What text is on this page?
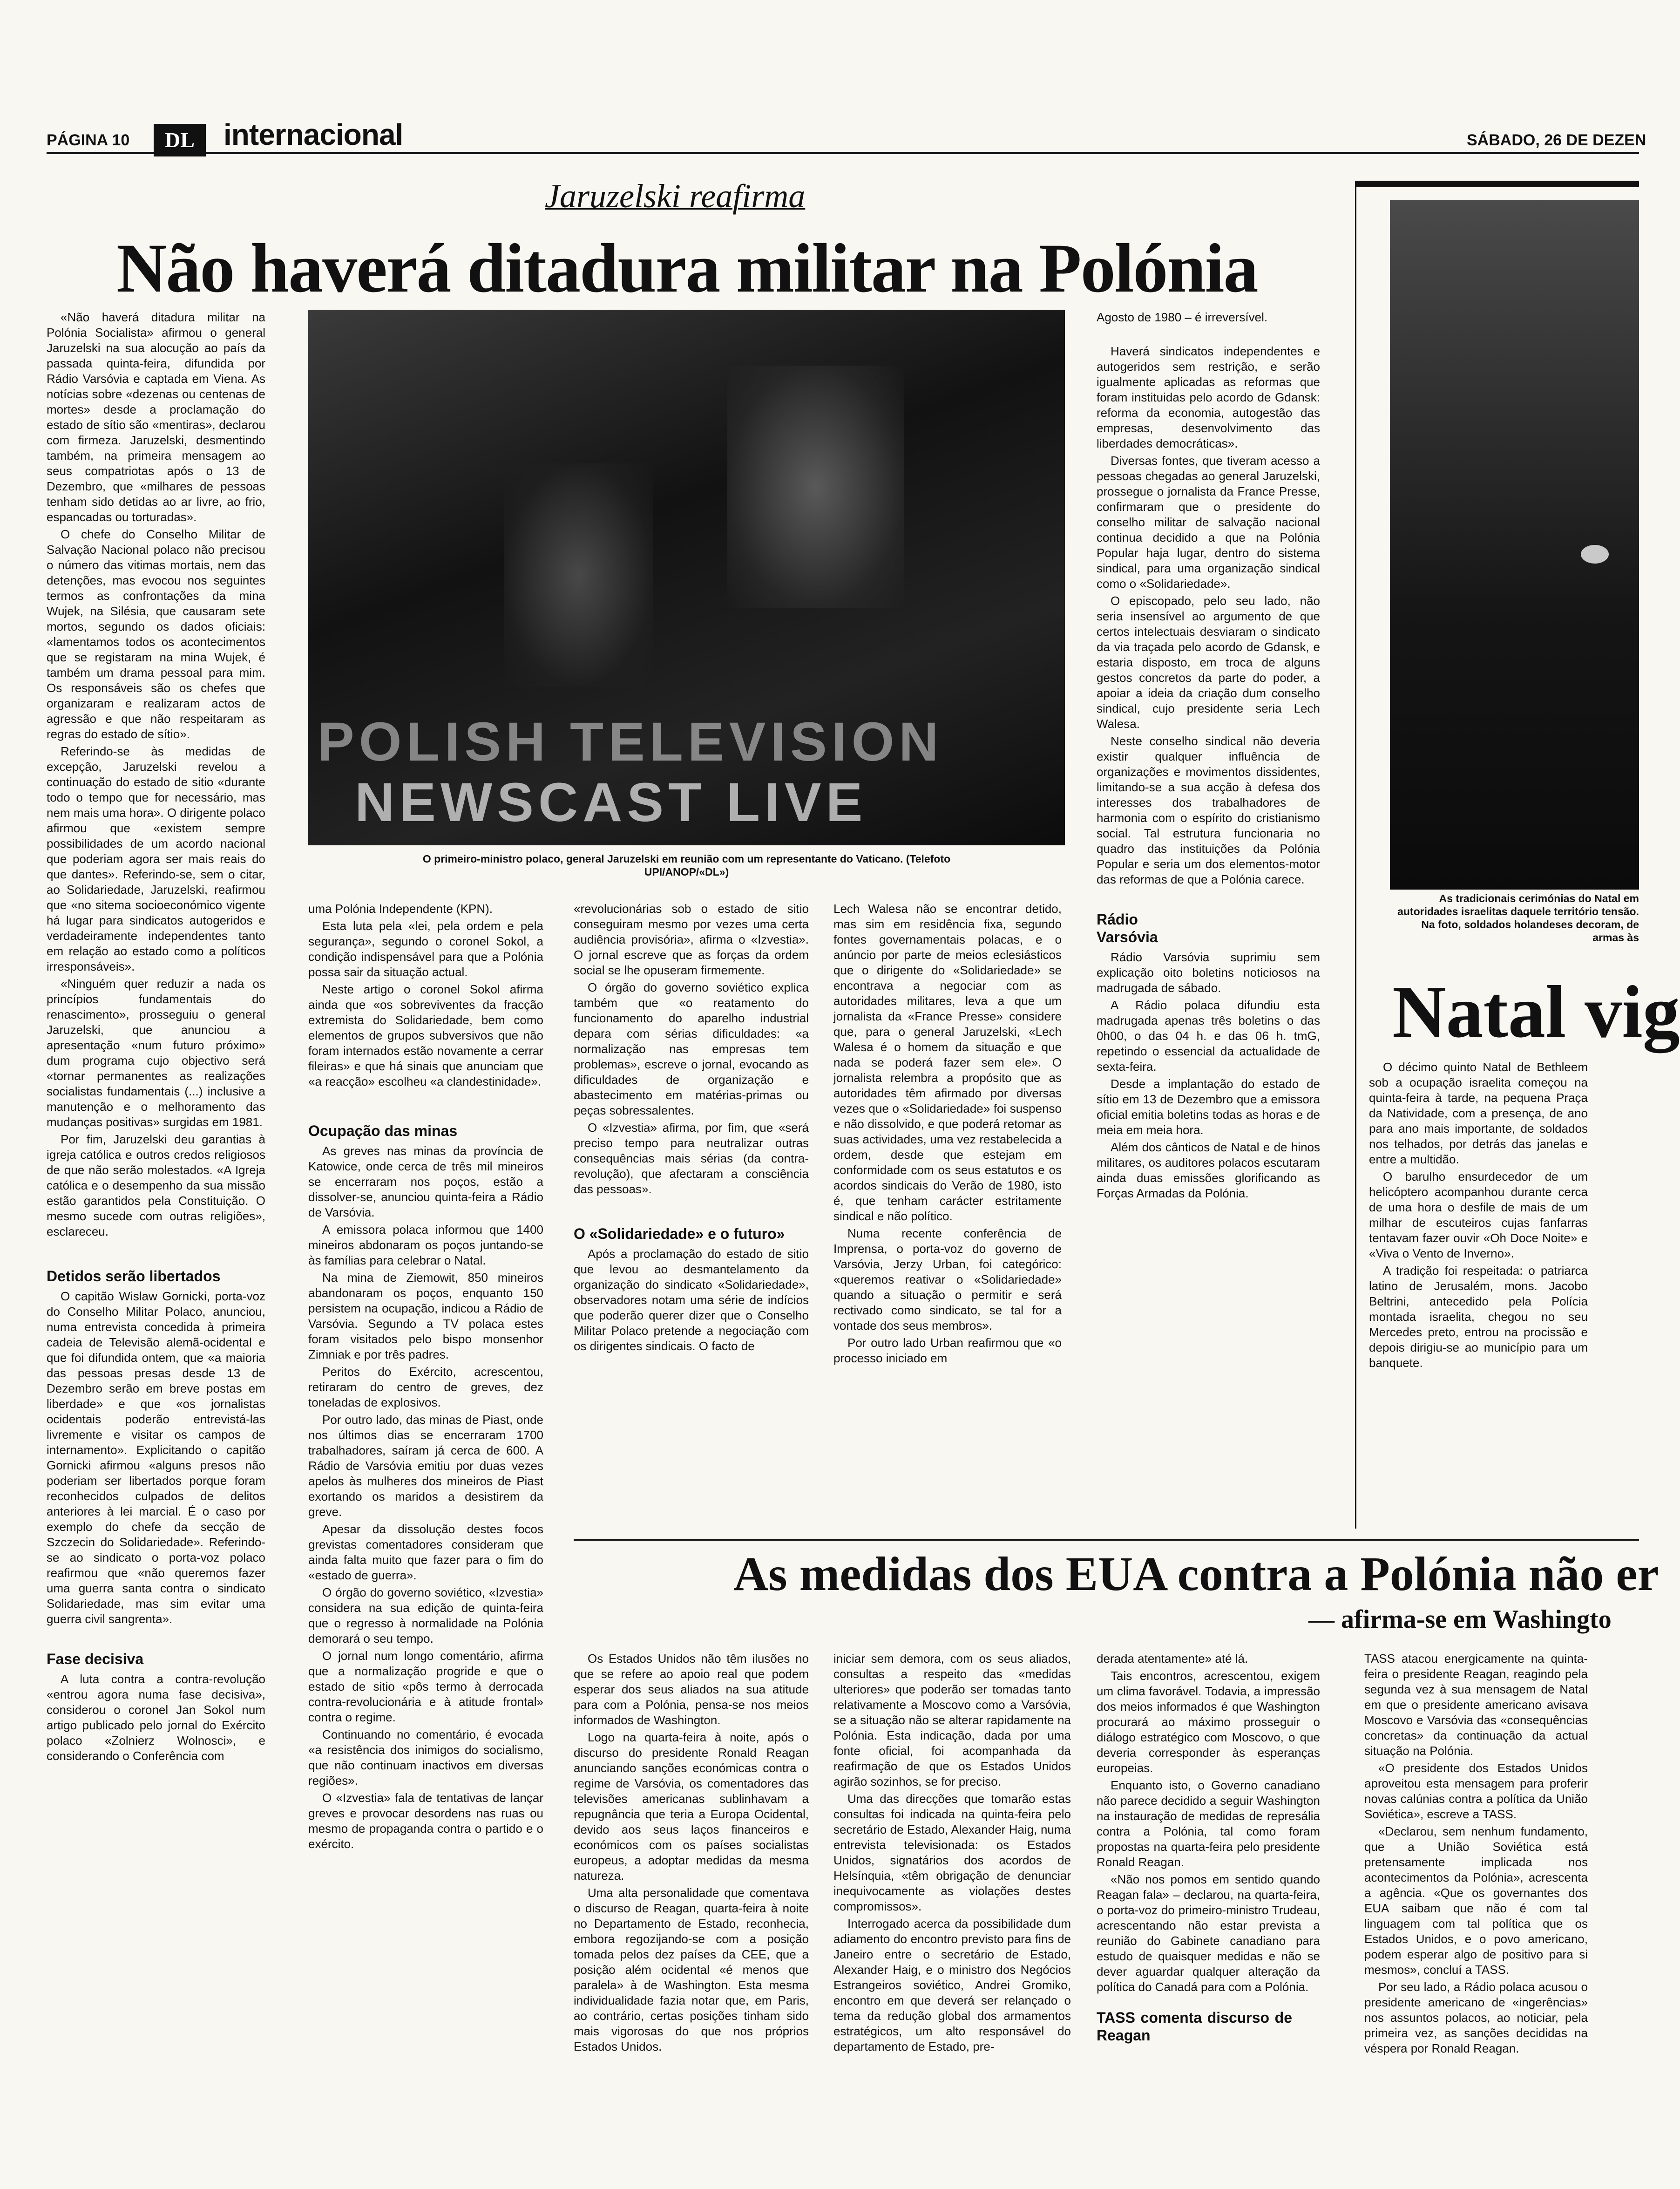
PÁGINA 10	DL internacional	SÁBADO, 26 DE DEZEN
Jaruzelski reafirma
Não haverá ditadura militar na Polónia
POLISH TELEVISION
NEWSCAST LIVE
O primeiro-ministro polaco, general Jaruzelski em reunião com um representante do Vaticano. (Telefoto
UPI/ANOP/«DL»)

«Não haverá ditadura militar na Polónia Socialista» afirmou o general Jaruzelski na sua alocução ao país da passada quinta-feira, difundida por Rádio Varsóvia e captada em Viena. As notícias sobre «dezenas ou centenas de mortes» desde a proclamação do estado de sítio são «mentiras», declarou com firmeza. Jaruzelski, desmentindo também, na primeira mensagem ao seus compatriotas após o 13 de Dezembro, que «milhares de pessoas tenham sido detidas ao ar livre, ao frio, espancadas ou torturadas».

O chefe do Conselho Militar de Salvação Nacional polaco não precisou o número das vitimas mortais, nem das detenções, mas evocou nos seguintes termos as confrontações da mina Wujek, na Silésia, que causaram sete mortos, segundo os dados oficiais: «lamentamos todos os acontecimentos que se registaram na mina Wujek, é também um drama pessoal para mim. Os responsáveis são os chefes que organizaram e realizaram actos de agressão e que não respeitaram as regras do estado de sítio».

Referindo-se às medidas de excepção, Jaruzelski revelou a continuação do estado de sitio «durante todo o tempo que for necessário, mas nem mais uma hora». O dirigente polaco afirmou que «existem sempre possibilidades de um acordo nacional que poderiam agora ser mais reais do que dantes». Referindo-se, sem o citar, ao Solidariedade, Jaruzelski, reafirmou que «no sitema socioeconómico vigente há lugar para sindicatos autogeridos e verdadeiramente independentes tanto em relação ao estado como a políticos irresponsáveis».

«Ninguém quer reduzir a nada os princípios fundamentais do renascimento», prosseguiu o general Jaruzelski, que anunciou a apresentação «num futuro próximo» dum programa cujo objectivo será «tornar permanentes as realizações socialistas fundamentais (...) inclusive a manutenção e o melhoramento das mudanças positivas» surgidas em 1981.

Por fim, Jaruzelski deu garantias à igreja católica e outros credos religiosos de que não serão molestados. «A Igreja católica e o desempenho da sua missão estão garantidos pela Constituição. O mesmo sucede com outras religiões», esclareceu.

Detidos serão libertados

O capitão Wislaw Gornicki, porta-voz do Conselho Militar Polaco, anunciou, numa entrevista concedida à primeira cadeia de Televisão alemã-ocidental e que foi difundida ontem, que «a maioria das pessoas presas desde 13 de Dezembro serão em breve postas em liberdade» e que «os jornalistas ocidentais poderão entrevistá-las livremente e visitar os campos de internamento». Explicitando o capitão Gornicki afirmou «alguns presos não poderiam ser libertados porque foram reconhecidos culpados de delitos anteriores à lei marcial. É o caso por exemplo do chefe da secção de Szczecin do Solidariedade». Referindo-se ao sindicato o porta-voz polaco reafirmou que «não queremos fazer uma guerra santa contra o sindicato Solidariedade, mas sim evitar uma guerra civil sangrenta».

Fase decisiva

A luta contra a contra-revolução «entrou agora numa fase decisiva», considerou o coronel Jan Sokol num artigo publicado pelo jornal do Exército polaco «Zolnierz Wolnosci», e considerando o Conferência com

uma Polónia Independente (KPN).

Esta luta pela «lei, pela ordem e pela segurança», segundo o coronel Sokol, a condição indispensável para que a Polónia possa sair da situação actual.

Neste artigo o coronel Sokol afirma ainda que «os sobreviventes da fracção extremista do Solidariedade, bem como elementos de grupos subversivos que não foram internados estão novamente a cerrar fileiras» e que há sinais que anunciam que «a reacção» escolheu «a clandestinidade».

Ocupação das minas

As greves nas minas da província de Katowice, onde cerca de três mil mineiros se encerraram nos poços, estão a dissolver-se, anunciou quinta-feira a Rádio de Varsóvia.

A emissora polaca informou que 1400 mineiros abdonaram os poços juntando-se às famílias para celebrar o Natal.

Na mina de Ziemowit, 850 mineiros abandonaram os poços, enquanto 150 persistem na ocupação, indicou a Rádio de Varsóvia. Segundo a TV polaca estes foram visitados pelo bispo monsenhor Zimniak e por três padres.

Peritos do Exército, acrescentou, retiraram do centro de greves, dez toneladas de explosivos.

Por outro lado, das minas de Piast, onde nos últimos dias se encerraram 1700 trabalhadores, saíram já cerca de 600. A Rádio de Varsóvia emitiu por duas vezes apelos às mulheres dos mineiros de Piast exortando os maridos a desistirem da greve.

Apesar da dissolução destes focos grevistas comentadores consideram que ainda falta muito que fazer para o fim do «estado de guerra».

O órgão do governo soviético, «Izvestia» considera na sua edição de quinta-feira que o regresso à normalidade na Polónia demorará o seu tempo.

O jornal num longo comentário, afirma que a normalização progride e que o estado de sitio «pôs termo à derrocada contra-revolucionária e à atitude frontal» contra o regime.

Continuando no comentário, é evocada «a resistência dos inimigos do socialismo, que não continuam inactivos em diversas regiões».

O «Izvestia» fala de tentativas de lançar greves e provocar desordens nas ruas ou mesmo de propaganda contra o partido e o exército.

«revolucionárias sob o estado de sitio conseguiram mesmo por vezes uma certa audiência provisória», afirma o «Izvestia». O jornal escreve que as forças da ordem social se lhe opuseram firmemente.

O órgão do governo soviético explica também que «o reatamento do funcionamento do aparelho industrial depara com sérias dificuldades: «a normalização nas empresas tem problemas», escreve o jornal, evocando as dificuldades de organização e abastecimento em matérias-primas ou peças sobressalentes.

O «Izvestia» afirma, por fim, que «será preciso tempo para neutralizar outras consequências mais sérias (da contra-revolução), que afectaram a consciência das pessoas».

O «Solidariedade» e o futuro»

Após a proclamação do estado de sitio que levou ao desmantelamento da organização do sindicato «Solidariedade», observadores notam uma série de indícios que poderão querer dizer que o Conselho Militar Polaco pretende a negociação com os dirigentes sindicais. O facto de

Lech Walesa não se encontrar detido, mas sim em residência fixa, segundo fontes governamentais polacas, e o anúncio por parte de meios eclesiásticos que o dirigente do «Solidariedade» se encontrava a negociar com as autoridades militares, leva a que um jornalista da «France Presse» considere que, para o general Jaruzelski, «Lech Walesa é o homem da situação e que nada se poderá fazer sem ele». O jornalista relembra a propósito que as autoridades têm afirmado por diversas vezes que o «Solidariedade» foi suspenso e não dissolvido, e que poderá retomar as suas actividades, uma vez restabelecida a ordem, desde que estejam em conformidade com os seus estatutos e os acordos sindicais do Verão de 1980, isto é, que tenham carácter estritamente sindical e não político.

Numa recente conferência de Imprensa, o porta-voz do governo de Varsóvia, Jerzy Urban, foi categórico: «queremos reativar o «Solidariedade» quando a situação o permitir e será rectivado como sindicato, se tal for a vontade dos seus membros».

Por outro lado Urban reafirmou que «o processo iniciado em

Agosto de 1980 – é irreversível.

Haverá sindicatos independentes e autogeridos sem restrição, e serão igualmente aplicadas as reformas que foram instituidas pelo acordo de Gdansk: reforma da economia, autogestão das empresas, desenvolvimento das liberdades democráticas».

Diversas fontes, que tiveram acesso a pessoas chegadas ao general Jaruzelski, prossegue o jornalista da France Presse, confirmaram que o presidente do conselho militar de salvação nacional continua decidido a que na Polónia Popular haja lugar, dentro do sistema sindical, para uma organização sindical como o «Solidariedade».

O episcopado, pelo seu lado, não seria insensível ao argumento de que certos intelectuais desviaram o sindicato da via traçada pelo acordo de Gdansk, e estaria disposto, em troca de alguns gestos concretos da parte do poder, a apoiar a ideia da criação dum conselho sindical, cujo presidente seria Lech Walesa.

Neste conselho sindical não deveria existir qualquer influência de organizações e movimentos dissidentes, limitando-se a sua acção à defesa dos interesses dos trabalhadores de harmonia com o espírito do cristianismo social. Tal estrutura funcionaria no quadro das instituições da Polónia Popular e seria um dos elementos-motor das reformas de que a Polónia carece.

Rádio Varsóvia

Rádio Varsóvia suprimiu sem explicação oito boletins noticiosos na madrugada de sábado.

A Rádio polaca difundiu esta madrugada apenas três boletins o das 0h00, o das 04 h. e das 06 h. tmG, repetindo o essencial da actualidade de sexta-feira.

Desde a implantação do estado de sítio em 13 de Dezembro que a emissora oficial emitia boletins todas as horas e de meia em meia hora.

Além dos cânticos de Natal e de hinos militares, os auditores polacos escutaram ainda duas emissões glorificando as Forças Armadas da Polónia.

As medidas dos EUA contra a Polónia não er
— afirma-se em Washingto

Os Estados Unidos não têm ilusões no que se refere ao apoio real que podem esperar dos seus aliados na sua atitude para com a Polónia, pensa-se nos meios informados de Washington.

Logo na quarta-feira à noite, após o discurso do presidente Ronald Reagan anunciando sanções económicas contra o regime de Varsóvia, os comentadores das televisões americanas sublinhavam a repugnância que teria a Europa Ocidental, devido aos seus laços financeiros e económicos com os países socialistas europeus, a adoptar medidas da mesma natureza.

Uma alta personalidade que comentava o discurso de Reagan, quarta-feira à noite no Departamento de Estado, reconhecia, embora regozijando-se com a posição tomada pelos dez países da CEE, que a posição além ocidental «é menos que paralela» à de Washington. Esta mesma individualidade fazia notar que, em Paris, ao contrário, certas posições tinham sido mais vigorosas do que nos próprios Estados Unidos.

iniciar sem demora, com os seus aliados, consultas a respeito das «medidas ulteriores» que poderão ser tomadas tanto relativamente a Moscovo como a Varsóvia, se a situação não se alterar rapidamente na Polónia. Esta indicação, dada por uma fonte oficial, foi acompanhada da reafirmação de que os Estados Unidos agirão sozinhos, se for preciso.

Uma das direcções que tomarão estas consultas foi indicada na quinta-feira pelo secretário de Estado, Alexander Haig, numa entrevista televisionada: os Estados Unidos, signatários dos acordos de Helsínquia, «têm obrigação de denunciar inequivocamente as violações destes compromissos».

Interrogado acerca da possibilidade dum adiamento do encontro previsto para fins de Janeiro entre o secretário de Estado, Alexander Haig, e o ministro dos Negócios Estrangeiros soviético, Andrei Gromiko, encontro em que deverá ser relançado o tema da redução global dos armamentos estratégicos, um alto responsável do departamento de Estado, pre-

derada atentamente» até lá.

Tais encontros, acrescentou, exigem um clima favorável. Todavia, a impressão dos meios informados é que Washington procurará ao máximo prosseguir o diálogo estratégico com Moscovo, o que deveria corresponder às esperanças europeias.

Enquanto isto, o Governo canadiano não parece decidido a seguir Washington na instauração de medidas de represália contra a Polónia, tal como foram propostas na quarta-feira pelo presidente Ronald Reagan.

«Não nos pomos em sentido quando Reagan fala» – declarou, na quarta-feira, o porta-voz do primeiro-ministro Trudeau, acrescentando não estar prevista a reunião do Gabinete canadiano para estudo de quaisquer medidas e não se dever aguardar qualquer alteração da política do Canadá para com a Polónia.

TASS comenta discurso de Reagan

TASS atacou energicamente na quinta-feira o presidente Reagan, reagindo pela segunda vez à sua mensagem de Natal em que o presidente americano avisava Moscovo e Varsóvia das «consequências concretas» da continuação da actual situação na Polónia.

«O presidente dos Estados Unidos aproveitou esta mensagem para proferir novas calúnias contra a política da União Soviética», escreve a TASS.

«Declarou, sem nenhum fundamento, que a União Soviética está pretensamente implicada nos acontecimentos da Polónia», acrescenta a agência. «Que os governantes dos EUA saibam que não é com tal linguagem com tal política que os Estados Unidos, e o povo americano, podem esperar algo de positivo para si mesmos», concluí a TASS.

Por seu lado, a Rádio polaca acusou o presidente americano de «ingerências» nos assuntos polacos, ao noticiar, pela primeira vez, as sanções decididas na véspera por Ronald Reagan.

As tradicionais cerimónias do Natal em autoridades israelitas daquele território tensão. Na foto, soldados holandeses decoram, de armas às
Natal vig

O décimo quinto Natal de Bethleem sob a ocupação israelita começou na quinta-feira à tarde, na pequena Praça da Natividade, com a presença, de ano para ano mais importante, de soldados nos telhados, por detrás das janelas e entre a multidão.

O barulho ensurdecedor de um helicóptero acompanhou durante cerca de uma hora o desfile de mais de um milhar de escuteiros cujas fanfarras tentavam fazer ouvir «Oh Doce Noite» e «Viva o Vento de Inverno».

A tradição foi respeitada: o patriarca latino de Jerusalém, mons. Jacobo Beltrini, antecedido pela Polícia montada israelita, chegou no seu Mercedes preto, entrou na procissão e depois dirigiu-se ao município para um banquete.
